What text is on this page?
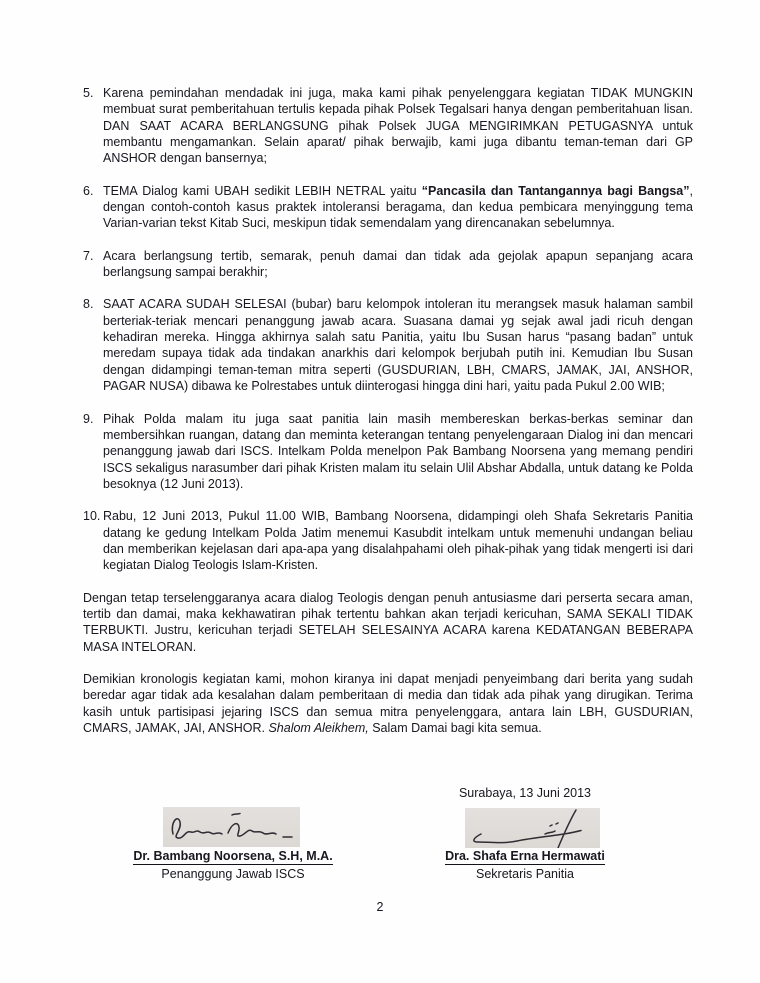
5. Karena pemindahan mendadak ini juga, maka kami pihak penyelenggara kegiatan TIDAK MUNGKIN membuat surat pemberitahuan tertulis kepada pihak Polsek Tegalsari hanya dengan pemberitahuan lisan. DAN SAAT ACARA BERLANGSUNG pihak Polsek JUGA MENGIRIMKAN PETUGASNYA untuk membantu mengamankan. Selain aparat/ pihak berwajib, kami juga dibantu teman-teman dari GP ANSHOR dengan bansernya;
6. TEMA Dialog kami UBAH sedikit LEBIH NETRAL yaitu “Pancasila dan Tantangannya bagi Bangsa”, dengan contoh-contoh kasus praktek intoleransi beragama, dan kedua pembicara menyinggung tema Varian-varian tekst Kitab Suci, meskipun tidak semendalam yang direncanakan sebelumnya.
7. Acara berlangsung tertib, semarak, penuh damai dan tidak ada gejolak apapun sepanjang acara berlangsung sampai berakhir;
8. SAAT ACARA SUDAH SELESAI (bubar) baru kelompok intoleran itu merangsek masuk halaman sambil berteriak-teriak mencari penanggung jawab acara. Suasana damai yg sejak awal jadi ricuh dengan kehadiran mereka. Hingga akhirnya salah satu Panitia, yaitu Ibu Susan harus “pasang badan” untuk meredam supaya tidak ada tindakan anarkhis dari kelompok berjubah putih ini. Kemudian Ibu Susan dengan didampingi teman-teman mitra seperti (GUSDURIAN, LBH, CMARS, JAMAK, JAI, ANSHOR, PAGAR NUSA) dibawa ke Polrestabes untuk diinterogasi hingga dini hari, yaitu pada Pukul 2.00 WIB;
9. Pihak Polda malam itu juga saat panitia lain masih membereskan berkas-berkas seminar dan membersihkan ruangan, datang dan meminta keterangan tentang penyelengaraan Dialog ini dan mencari penanggung jawab dari ISCS. Intelkam Polda menelpon Pak Bambang Noorsena yang memang pendiri ISCS sekaligus narasumber dari pihak Kristen malam itu selain Ulil Abshar Abdalla, untuk datang ke Polda besoknya (12 Juni 2013).
10. Rabu, 12 Juni 2013, Pukul 11.00 WIB, Bambang Noorsena, didampingi oleh Shafa Sekretaris Panitia datang ke gedung Intelkam Polda Jatim menemui Kasubdit intelkam untuk memenuhi undangan beliau dan memberikan kejelasan dari apa-apa yang disalahpahami oleh pihak-pihak yang tidak mengerti isi dari kegiatan Dialog Teologis Islam-Kristen.
Dengan tetap terselenggaranya acara dialog Teologis dengan penuh antusiasme dari perserta secara aman, tertib dan damai, maka kekhawatiran pihak tertentu bahkan akan terjadi kericuhan, SAMA SEKALI TIDAK TERBUKTI. Justru, kericuhan terjadi SETELAH SELESAINYA ACARA karena KEDATANGAN BEBERAPA MASA INTELORAN.
Demikian kronologis kegiatan kami, mohon kiranya ini dapat menjadi penyeimbang dari berita yang sudah beredar agar tidak ada kesalahan dalam pemberitaan di media dan tidak ada pihak yang dirugikan. Terima kasih untuk partisipasi jejaring ISCS dan semua mitra penyelenggara, antara lain LBH, GUSDURIAN, CMARS, JAMAK, JAI, ANSHOR. Shalom Aleikhem, Salam Damai bagi kita semua.
Surabaya, 13 Juni 2013
Dr. Bambang Noorsena, S.H, M.A.
Penanggung Jawab ISCS
Dra. Shafa Erna Hermawati
Sekretaris Panitia
2
